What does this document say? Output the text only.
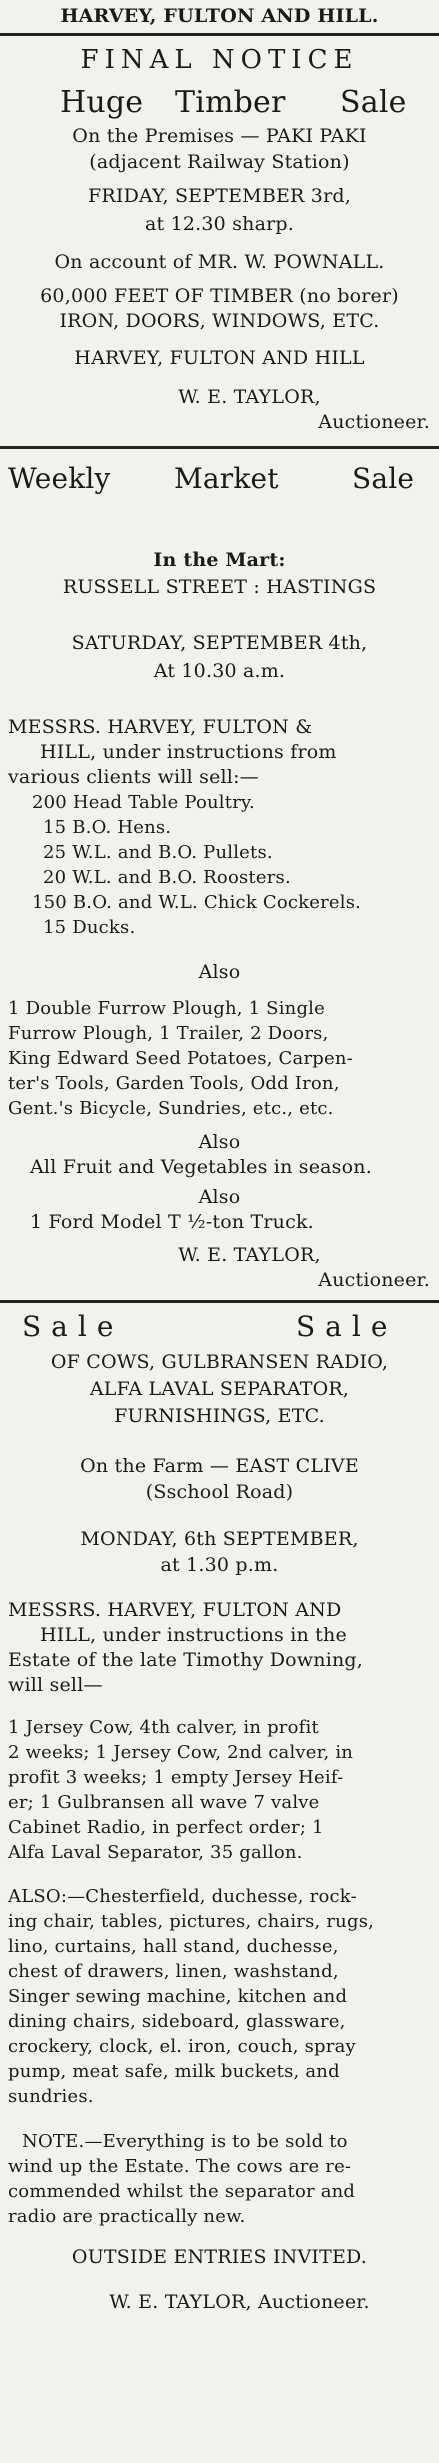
HARVEY, FULTON AND HILL.
FINAL NOTICE
Huge	Timber	Sale
On the Premises — PAKI PAKI
(adjacent Railway Station)
FRIDAY, SEPTEMBER 3rd,
at 12.30 sharp.
On account of MR. W. POWNALL.
60,000 FEET OF TIMBER (no borer)
IRON, DOORS, WINDOWS, ETC.
HARVEY, FULTON AND HILL
W. E. TAYLOR,
Auctioneer.
Weekly	Market	Sale
In the Mart:
RUSSELL STREET : HASTINGS
SATURDAY, SEPTEMBER 4th,
At 10.30 a.m.
MESSRS. HARVEY, FULTON &
HILL, under instructions from
various clients will sell:—
200 Head Table Poultry.
15 B.O. Hens.
25 W.L. and B.O. Pullets.
20 W.L. and B.O. Roosters.
150 B.O. and W.L. Chick Cockerels.
15 Ducks.
Also
1 Double Furrow Plough, 1 Single
Furrow Plough, 1 Trailer, 2 Doors,
King Edward Seed Potatoes, Carpen-
ter's Tools, Garden Tools, Odd Iron,
Gent.'s Bicycle, Sundries, etc., etc.
Also
All Fruit and Vegetables in season.
Also
1 Ford Model T ½-ton Truck.
W. E. TAYLOR,
Auctioneer.
Sale	Sale
OF COWS, GULBRANSEN RADIO,
ALFA LAVAL SEPARATOR,
FURNISHINGS, ETC.
On the Farm — EAST CLIVE
(Sschool Road)
MONDAY, 6th SEPTEMBER,
at 1.30 p.m.
MESSRS. HARVEY, FULTON AND
HILL, under instructions in the
Estate of the late Timothy Downing,
will sell—
1 Jersey Cow, 4th calver, in profit
2 weeks; 1 Jersey Cow, 2nd calver, in
profit 3 weeks; 1 empty Jersey Heif-
er; 1 Gulbransen all wave 7 valve
Cabinet Radio, in perfect order; 1
Alfa Laval Separator, 35 gallon.
ALSO:—Chesterfield, duchesse, rock-
ing chair, tables, pictures, chairs, rugs,
lino, curtains, hall stand, duchesse,
chest of drawers, linen, washstand,
Singer sewing machine, kitchen and
dining chairs, sideboard, glassware,
crockery, clock, el. iron, couch, spray
pump, meat safe, milk buckets, and
sundries.
NOTE.—Everything is to be sold to
wind up the Estate. The cows are re-
commended whilst the separator and
radio are practically new.
OUTSIDE ENTRIES INVITED.
W. E. TAYLOR, Auctioneer.
